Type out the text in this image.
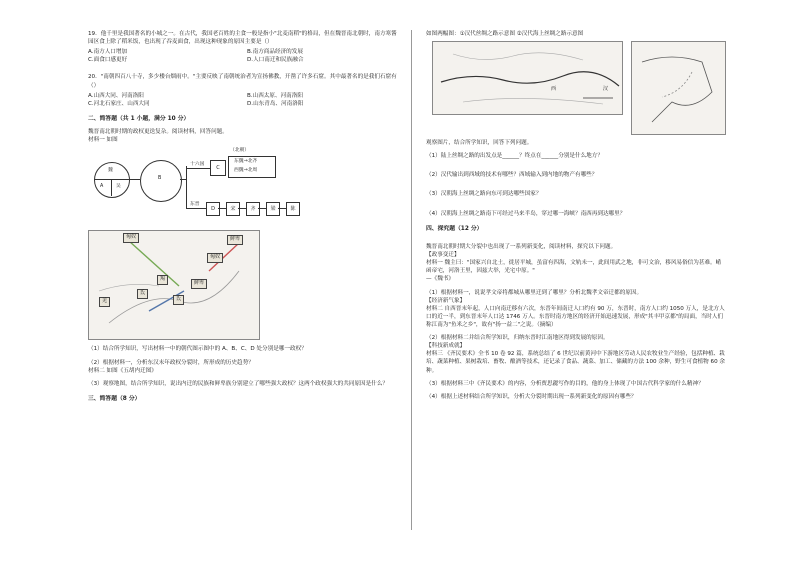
19．他千里是我国著名的小城之一。在古代，我国老百姓的主食一般是指小"北麦南稻"的格局，但在魏晋南北朝时，南方寒酱园区食上除了稻米饭，也出现了吞麦面食，出现这种现象的原因主要是（）

A.南方人口增加	B.南方商品经济的发展
C.面食口感更好	D.人口南迁和民族融合

20．"南朝四百八十寺，多少楼台烟雨中。"主要反映了南朝统治者为宣扬佛教，开凿了许多石窟。其中最著名的是我们石窟有（）

A.山西大同、河南洛阳	B.山西太原、河南洛阳
C.河北石家庄、山西大同	D.山东青岛、河南洛阳

二、简答题（共 1 小题，满分 10 分）

魏晋南北朝时期的政权更迭复杂。阅读材料，回答问题。

材料一 如图

魏
A	吴
B
十六国
东晋
C
（北朝）
东魏→北齐
西魏→北周
D	宋	齐	梁	陈
匈奴	鲜卑
匈奴
羯
鲜卑
氐
羌	氐

（1）结合所学知识，写出材料一中的朝代图示图中的 A、B、C、D 处分别是哪一政权？

（2）根据材料一，分析东汉末年政权分裂时，所形成的历史趋势？

材料二 如图《五胡内迁图》

（3）观察地图，结合所学知识，说出内迁的民族和鲜卑族分别建立了哪些强大政权？这两个政权强大的共同原因是什么？

三、简答题（8 分）

如图两幅图：①汉代丝绸之路示意图 ②汉代海上丝绸之路示意图

西	汉

观察图片，结合所学知识，回答下列问题。

（1）陆上丝绸之路的出发点是______？终点在______分别是什么地方？

（2）汉代输出到西域的技术有哪些？西域输入到内地的物产有哪些？

（3）汉朝海上丝绸之路向东可到达哪些国家？

（4）汉朝海上丝绸之路南下可经过马来半岛，穿过哪一海峡？南西再到达哪里？

四、探究题（12 分）

魏晋南北朝时期大分裂中也出现了一系列新变化，阅读材料，探究以下问题。

【政事变迁】

材料一 魏主曰："国家兴自北土，徙居平城，虽富有四海，文轨未一，此间用武之地，非可文治，移风易俗信为甚难。崤函帝宅，河洛王里，因兹大举，光宅中原。"

—《魏书》

（1）根据材料一，说说孝文帝将都城从哪里迁到了哪里？分析北魏孝文帝迁都的原因。

【经济新气象】

材料二 自西晋末年起，人口向南迁移有六次，东晋年间南迁人口约有 90 万，东晋时，南方人口约 1050 万人，是北方人口的近一半，到东晋末年人口达 1746 万人。东晋时南方地区的经济开始迅速发展，形成"其丰甲京都"的局面，当时人们称江南为"鱼米之乡"，故有"扬一益二"之说。（摘编）

（2）根据材料二并结合所学知识，归纳东晋时江南地区得到发展的原因。

【科技新成就】

材料三 《齐民要术》全书 10 卷 92 篇，系统总结了 6 世纪以前黄河中下游地区劳动人民农牧业生产经验，包括种植、栽培、蔬菜种植、果树栽培、畜牧、酿酒等技术，还记录了食品、蔬菜、加工、储藏的方法 100 余种，野生可食植物 60 余种。

（3）根据材料三中《齐民要术》的内容，分析贾思勰写作的目的，他的身上体现了中国古代科学家的什么精神？

（4）根据上述材料结合所学知识，分析大分裂时期出现一系列新变化的原因有哪些？
